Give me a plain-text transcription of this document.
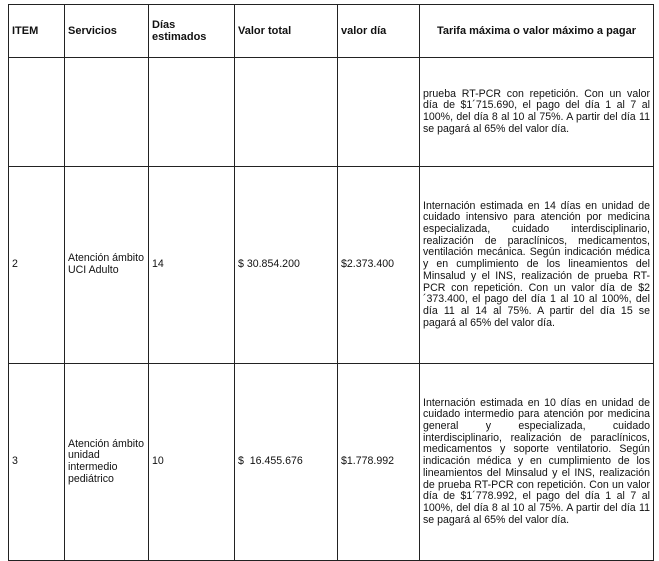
ITEM	Servicios	Días estimados	Valor total	valor día	Tarifa máxima o valor máximo a pagar
					prueba RT-PCR con repetición. Con un valor día de $1´715.690, el pago del día 1 al 7 al 100%, del día 8 al 10 al 75%. A partir del día 11 se pagará al 65% del valor día.
2	Atención ámbito UCI Adulto	14	$ 30.854.200	$2.373.400	Internación estimada en 14 días en unidad de cuidado intensivo para atención por medicina especializada, cuidado interdisciplinario, realización de paraclínicos, medicamentos, ventilación mecánica. Según indicación médica y en cumplimiento de los lineamientos del Minsalud y el INS, realización de prueba RT-PCR con repetición. Con un valor día de $2´373.400, el pago del día 1 al 10 al 100%, del día 11 al 14 al 75%. A partir del día 15 se pagará al 65% del valor día.
3	Atención ámbito unidad intermedio pediátrico	10	$  16.455.676	$1.778.992	Internación estimada en 10 días en unidad de cuidado intermedio para atención por medicina general y especializada, cuidado interdisciplinario, realización de paraclínicos, medicamentos y soporte ventilatorio. Según indicación médica y en cumplimiento de los lineamientos del Minsalud y el INS, realización de prueba RT-PCR con repetición. Con un valor día de $1´778.992, el pago del día 1 al 7 al 100%, del día 8 al 10 al 75%. A partir del día 11 se pagará al 65% del valor día.
